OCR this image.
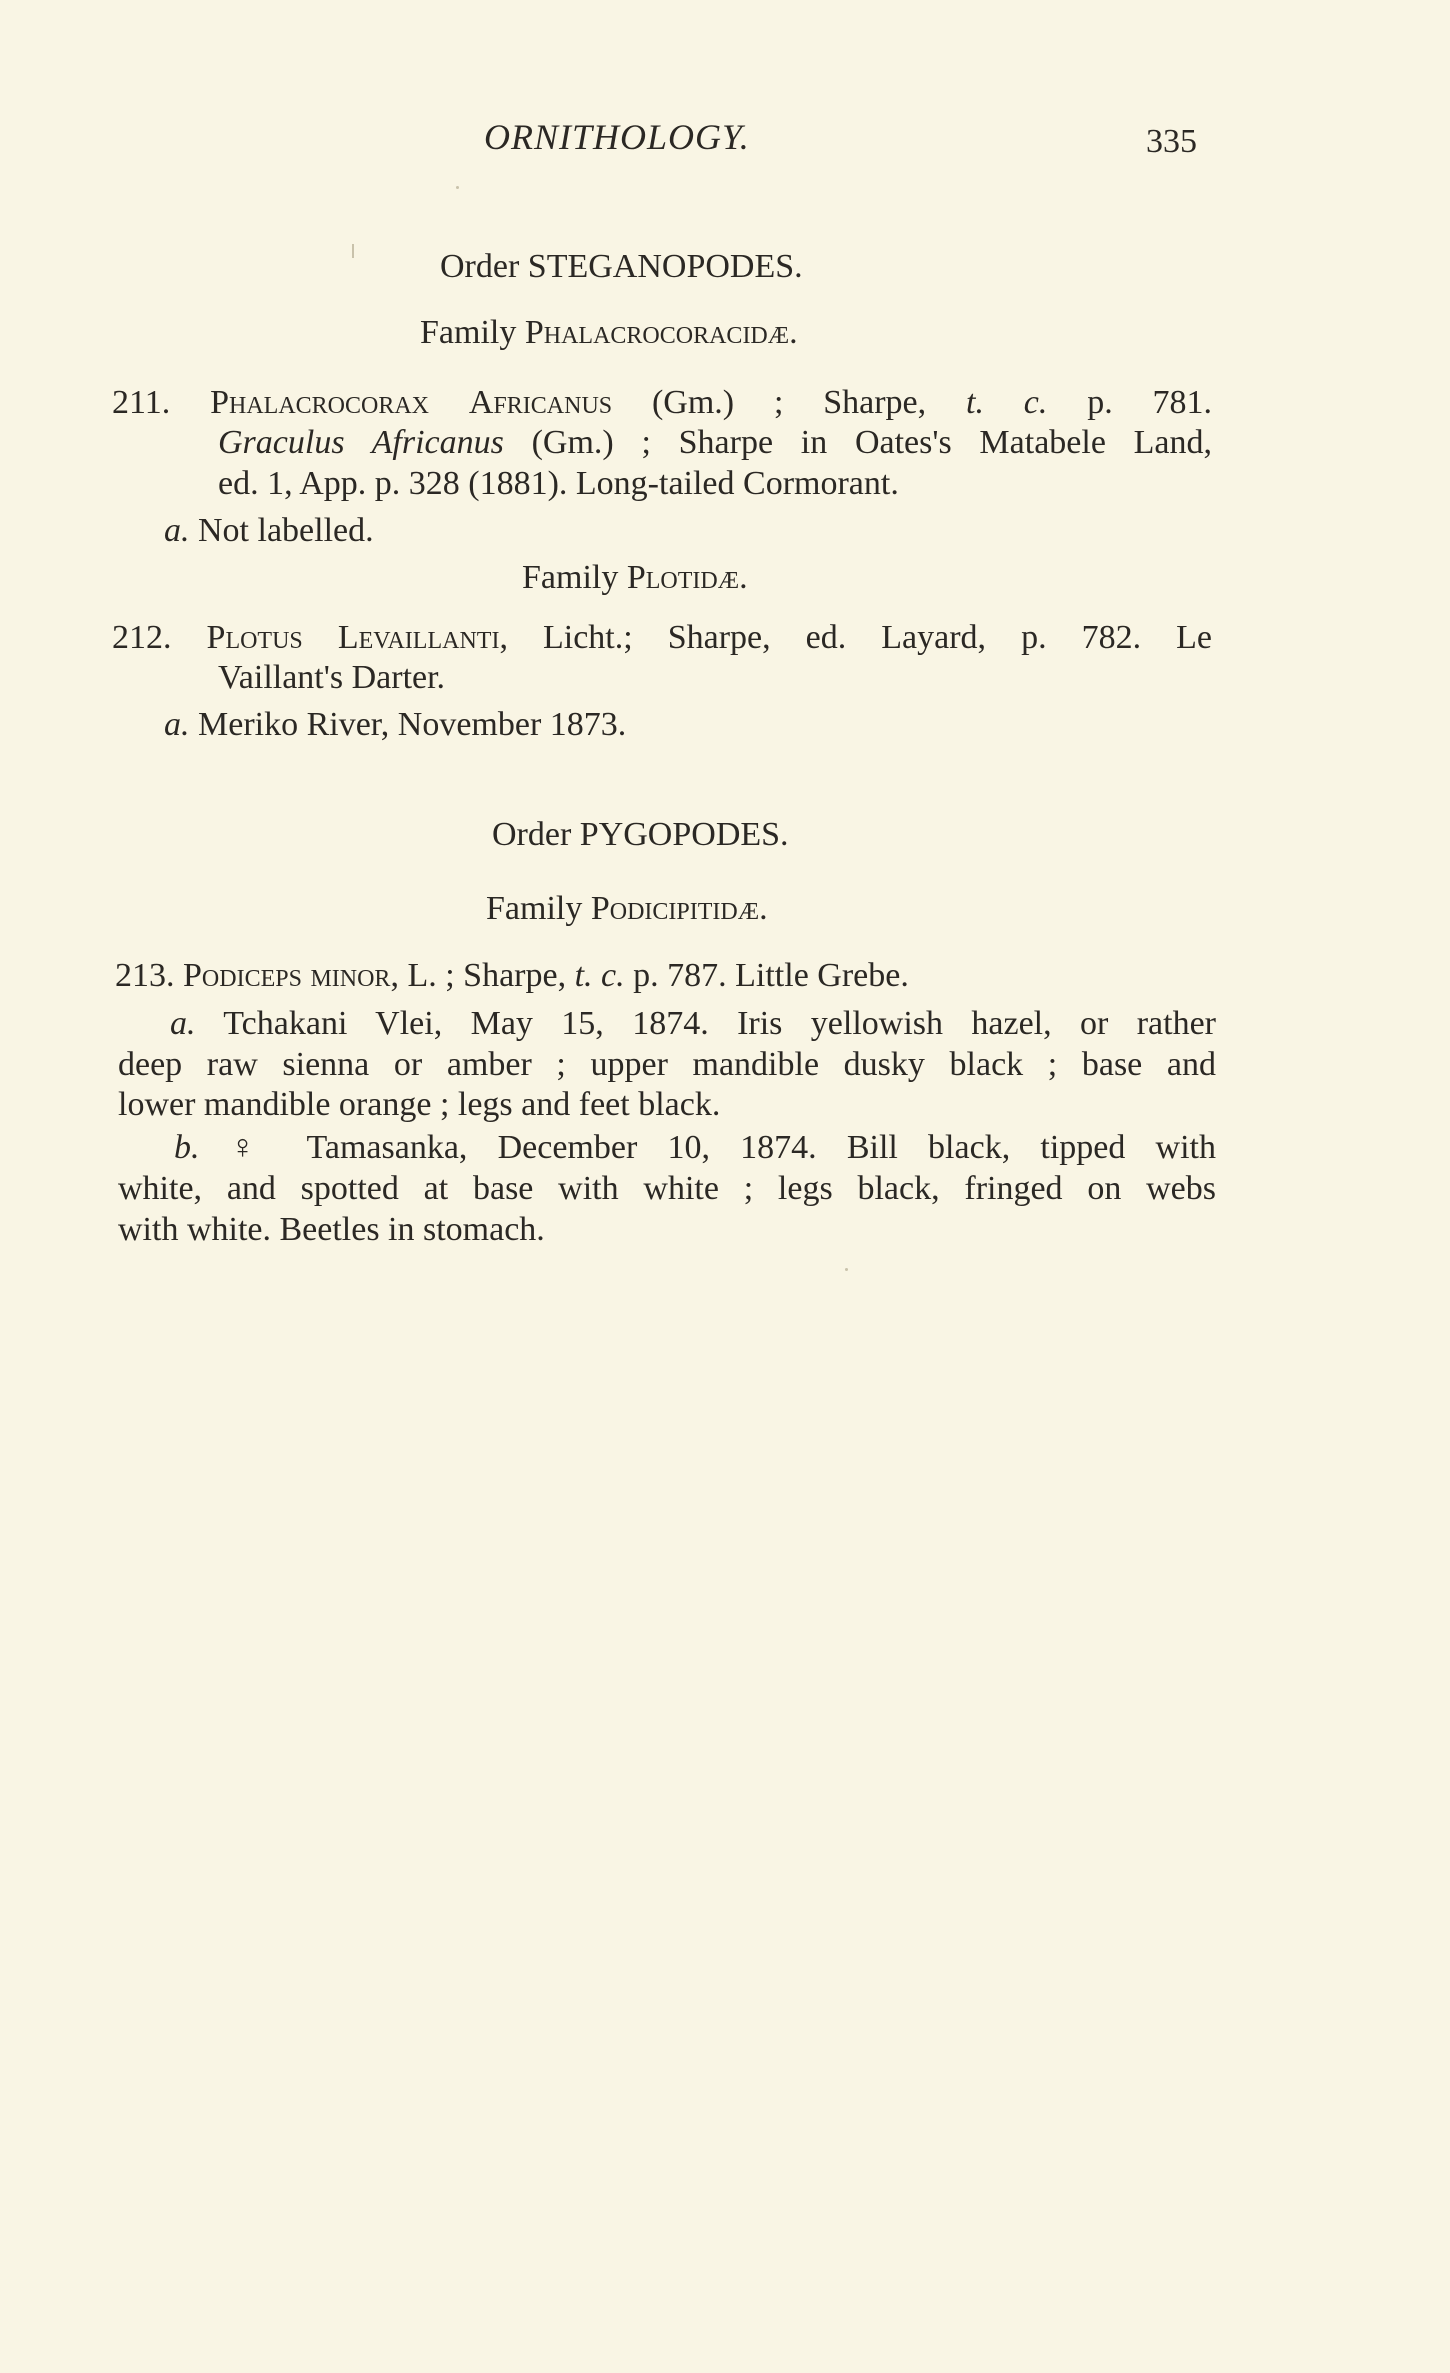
ORNITHOLOGY.	335
Order STEGANOPODES.
Family Phalacrocoracidæ.
211. Phalacrocorax Africanus (Gm.) ; Sharpe, t. c. p. 781.
Graculus Africanus (Gm.) ; Sharpe in Oates's Matabele Land,
ed. 1, App. p. 328 (1881). Long-tailed Cormorant.
a. Not labelled.
Family Plotidæ.
212. Plotus Levaillanti, Licht.; Sharpe, ed. Layard, p. 782. Le
Vaillant's Darter.
a. Meriko River, November 1873.
Order PYGOPODES.
Family Podicipitidæ.
213. Podiceps minor, L. ; Sharpe, t. c. p. 787. Little Grebe.
a. Tchakani Vlei, May 15, 1874. Iris yellowish hazel, or rather
deep raw sienna or amber ; upper mandible dusky black ; base and
lower mandible orange ; legs and feet black.
b. ♀ Tamasanka, December 10, 1874. Bill black, tipped with
white, and spotted at base with white ; legs black, fringed on webs
with white. Beetles in stomach.
